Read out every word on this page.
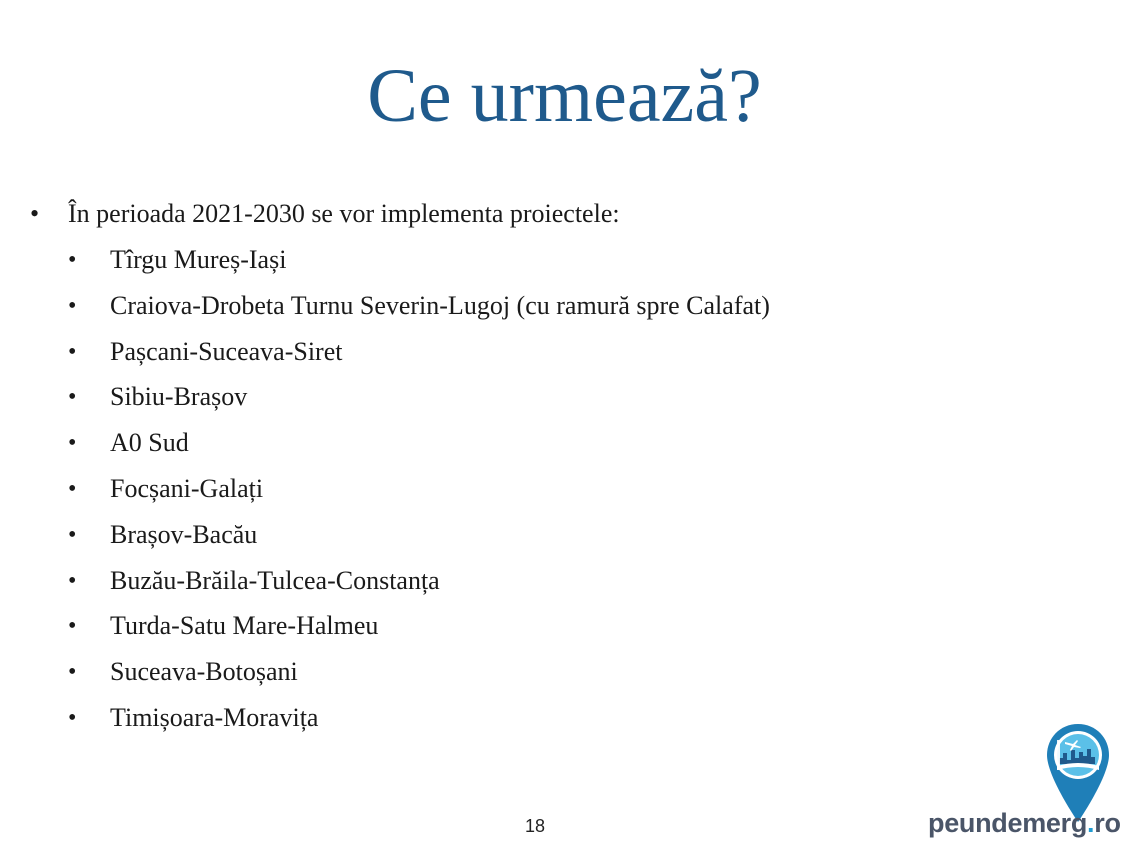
Ce urmează?
• În perioada 2021-2030 se vor implementa proiectele:
• Tîrgu Mureș-Iași
• Craiova-Drobeta Turnu Severin-Lugoj (cu ramură spre Calafat)
• Pașcani-Suceava-Siret
• Sibiu-Brașov
• A0 Sud
• Focșani-Galați
• Brașov-Bacău
• Buzău-Brăila-Tulcea-Constanța
• Turda-Satu Mare-Halmeu
• Suceava-Botoșani
• Timișoara-Moravița
18	peundemerg.ro
